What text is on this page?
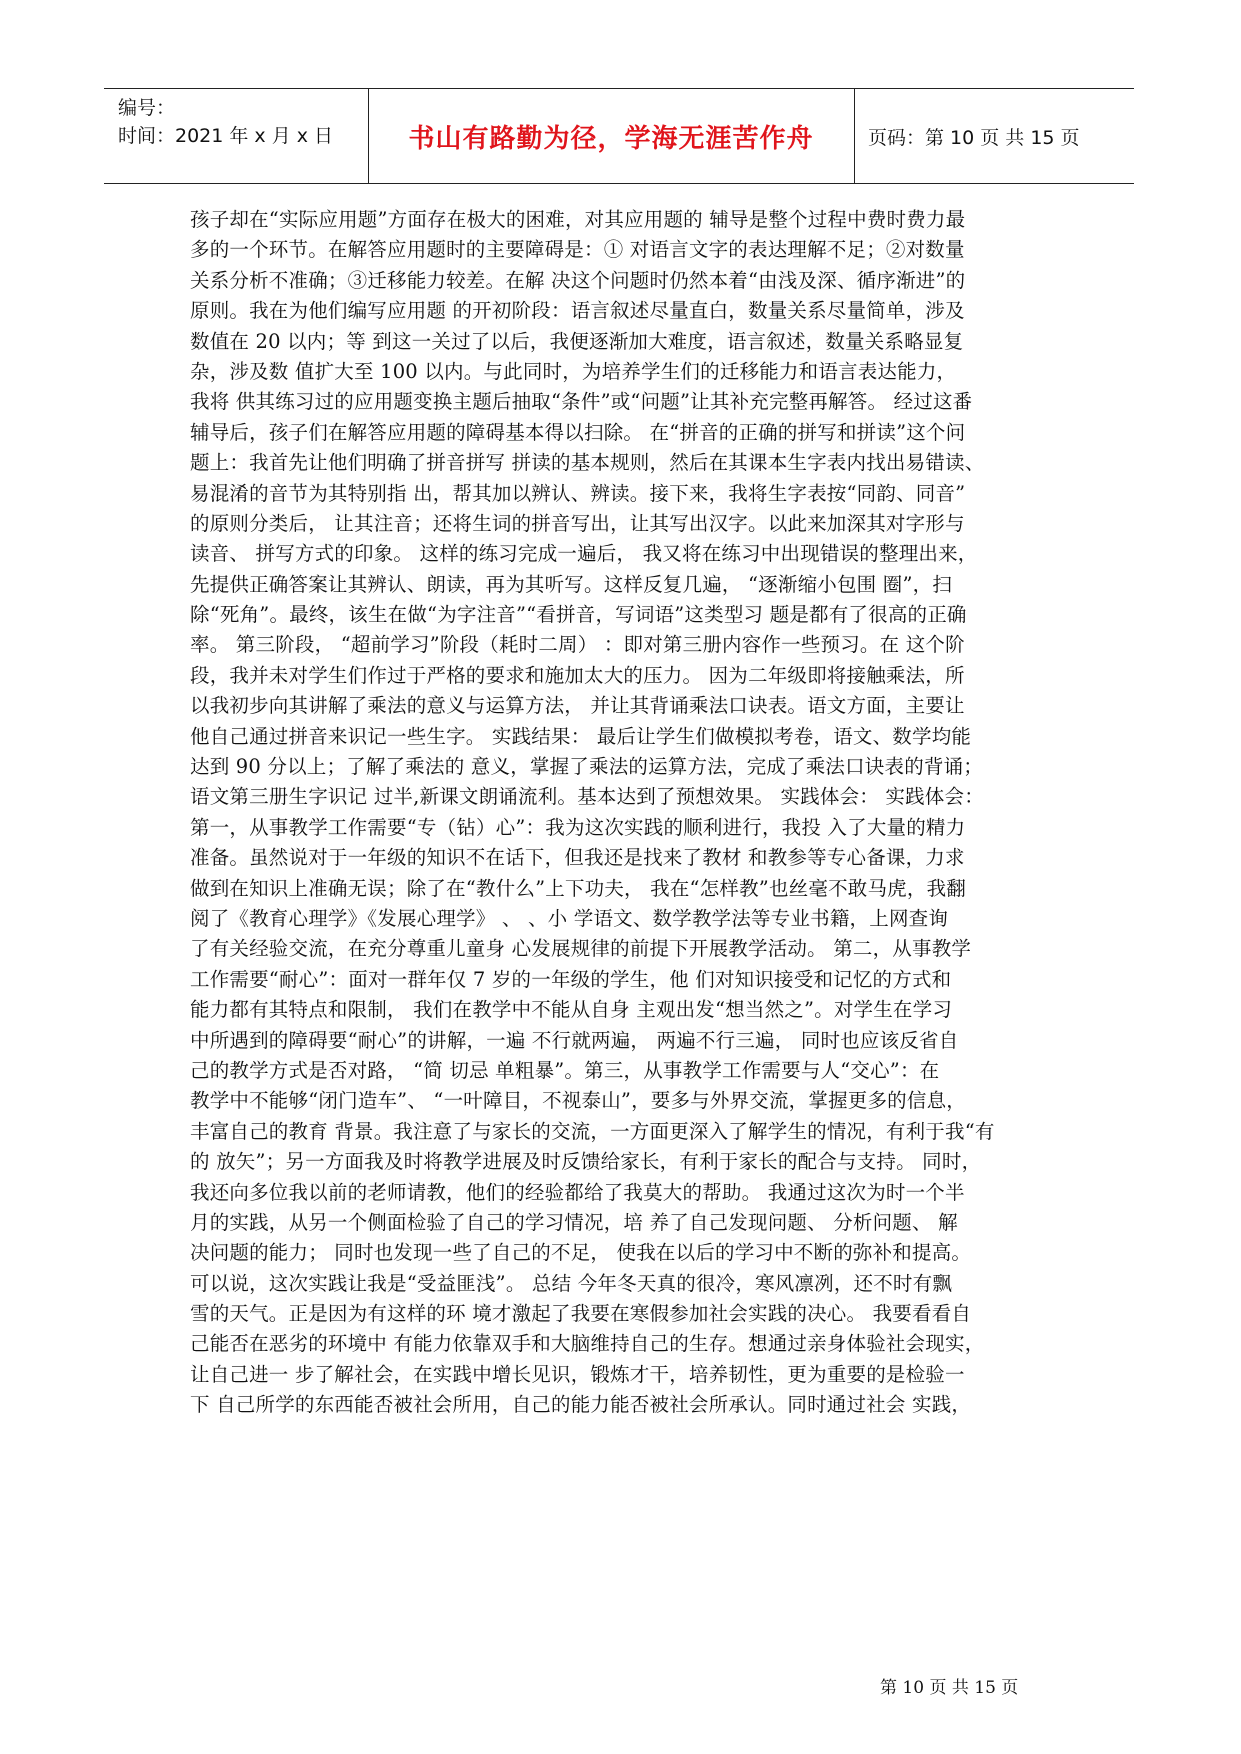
编号：
时间：2021 年 x 月 x 日	书山有路勤为径，学海无涯苦作舟	页码：第 10 页 共 15 页
孩子却在“实际应用题”方面存在极大的困难，对其应用题的 辅导是整个过程中费时费力最
多的一个环节。在解答应用题时的主要障碍是：① 对语言文字的表达理解不足；②对数量
关系分析不准确；③迁移能力较差。在解 决这个问题时仍然本着“由浅及深、循序渐进”的
原则。我在为他们编写应用题 的开初阶段：语言叙述尽量直白，数量关系尽量简单，涉及
数值在 20 以内；等 到这一关过了以后，我便逐渐加大难度，语言叙述，数量关系略显复
杂，涉及数 值扩大至 100 以内。与此同时，为培养学生们的迁移能力和语言表达能力，
我将 供其练习过的应用题变换主题后抽取“条件”或“问题”让其补充完整再解答。 经过这番
辅导后，孩子们在解答应用题的障碍基本得以扫除。 在“拼音的正确的拼写和拼读”这个问
题上：我首先让他们明确了拼音拼写 拼读的基本规则，然后在其课本生字表内找出易错读、
易混淆的音节为其特别指 出，帮其加以辨认、辨读。接下来，我将生字表按“同韵、同音”
的原则分类后， 让其注音；还将生词的拼音写出，让其写出汉字。以此来加深其对字形与
读音、 拼写方式的印象。 这样的练习完成一遍后， 我又将在练习中出现错误的整理出来，
先提供正确答案让其辨认、朗读，再为其听写。这样反复几遍， “逐渐缩小包围 圈”，扫
除“死角”。最终，该生在做“为字注音”“看拼音，写词语”这类型习 题是都有了很高的正确
率。 第三阶段， “超前学习”阶段（耗时二周） ：即对第三册内容作一些预习。在 这个阶
段，我并未对学生们作过于严格的要求和施加太大的压力。 因为二年级即将接触乘法，所
以我初步向其讲解了乘法的意义与运算方法， 并让其背诵乘法口诀表。语文方面，主要让
他自己通过拼音来识记一些生字。 实践结果： 最后让学生们做模拟考卷，语文、数学均能
达到 90 分以上；了解了乘法的 意义，掌握了乘法的运算方法，完成了乘法口诀表的背诵；
语文第三册生字识记 过半,新课文朗诵流利。基本达到了预想效果。 实践体会： 实践体会：
第一，从事教学工作需要“专（钻）心”：我为这次实践的顺利进行，我投 入了大量的精力
准备。虽然说对于一年级的知识不在话下，但我还是找来了教材 和教参等专心备课，力求
做到在知识上准确无误；除了在“教什么”上下功夫， 我在“怎样教”也丝毫不敢马虎，我翻
阅了《教育心理学》《发展心理学》 、 、小 学语文、数学教学法等专业书籍，上网查询
了有关经验交流，在充分尊重儿童身 心发展规律的前提下开展教学活动。 第二，从事教学
工作需要“耐心”：面对一群年仅 7 岁的一年级的学生，他 们对知识接受和记忆的方式和
能力都有其特点和限制， 我们在教学中不能从自身 主观出发“想当然之”。对学生在学习
中所遇到的障碍要“耐心”的讲解，一遍 不行就两遍， 两遍不行三遍， 同时也应该反省自
己的教学方式是否对路， “简 切忌 单粗暴”。第三，从事教学工作需要与人“交心”：在
教学中不能够“闭门造车”、 “一叶障目，不视泰山”，要多与外界交流，掌握更多的信息，
丰富自己的教育 背景。我注意了与家长的交流，一方面更深入了解学生的情况，有利于我“有
的 放矢”；另一方面我及时将教学进展及时反馈给家长，有利于家长的配合与支持。 同时，
我还向多位我以前的老师请教，他们的经验都给了我莫大的帮助。 我通过这次为时一个半
月的实践，从另一个侧面检验了自己的学习情况，培 养了自己发现问题、 分析问题、 解
决问题的能力； 同时也发现一些了自己的不足， 使我在以后的学习中不断的弥补和提高。
可以说，这次实践让我是“受益匪浅”。 总结 今年冬天真的很冷，寒风凛冽，还不时有飘
雪的天气。正是因为有这样的环 境才激起了我要在寒假参加社会实践的决心。 我要看看自
己能否在恶劣的环境中 有能力依靠双手和大脑维持自己的生存。想通过亲身体验社会现实，
让自己进一 步了解社会，在实践中增长见识，锻炼才干，培养韧性，更为重要的是检验一
下 自己所学的东西能否被社会所用，自己的能力能否被社会所承认。同时通过社会 实践，
第 10 页 共 15 页
